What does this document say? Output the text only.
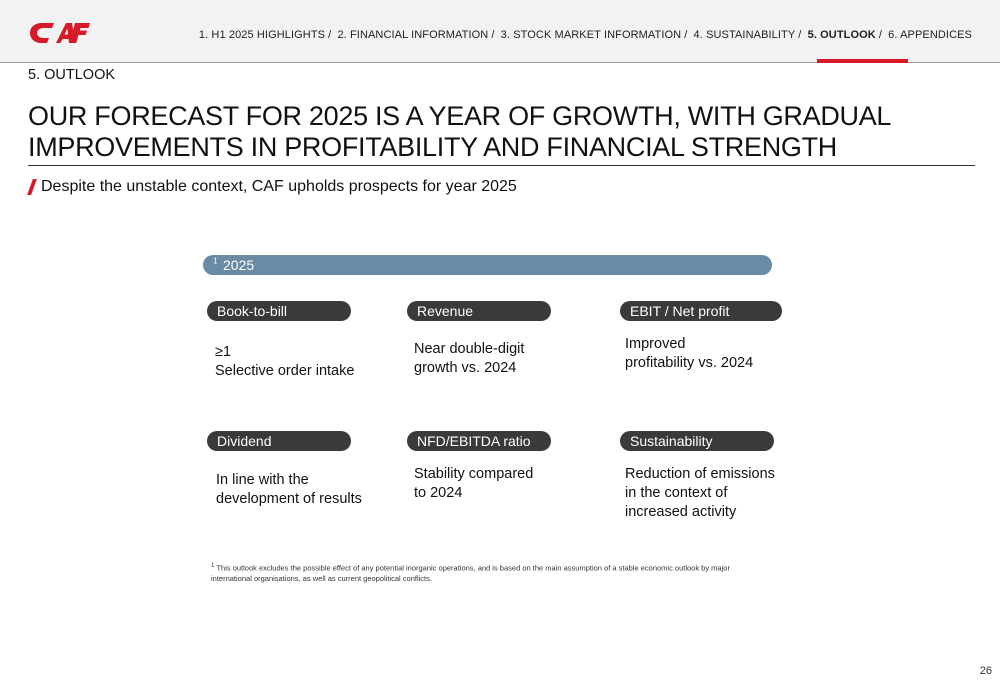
1. H1 2025 HIGHLIGHTS / 2. FINANCIAL INFORMATION / 3. STOCK MARKET INFORMATION / 4. SUSTAINABILITY / 5. OUTLOOK / 6. APPENDICES
5. OUTLOOK
OUR FORECAST FOR 2025 IS A YEAR OF GROWTH, WITH GRADUAL IMPROVEMENTS IN PROFITABILITY AND FINANCIAL STRENGTH
Despite the unstable context, CAF upholds prospects for year 2025
2025
$^1$
Book-to-bill
≥1
Selective order intake
Revenue
Near double-digit
growth vs. 2024
EBIT / Net profit
Improved
profitability vs. 2024
Dividend
In line with the
development of results
NFD/EBITDA ratio
Stability compared
to 2024
Sustainability
Reduction of emissions
in the context of
increased activity
$^1$ This outlook excludes the possible effect of any potential inorganic operations, and is based on the main assumption of a stable economic outlook by major international organisations, as well as current geopolitical conflicts.
26
